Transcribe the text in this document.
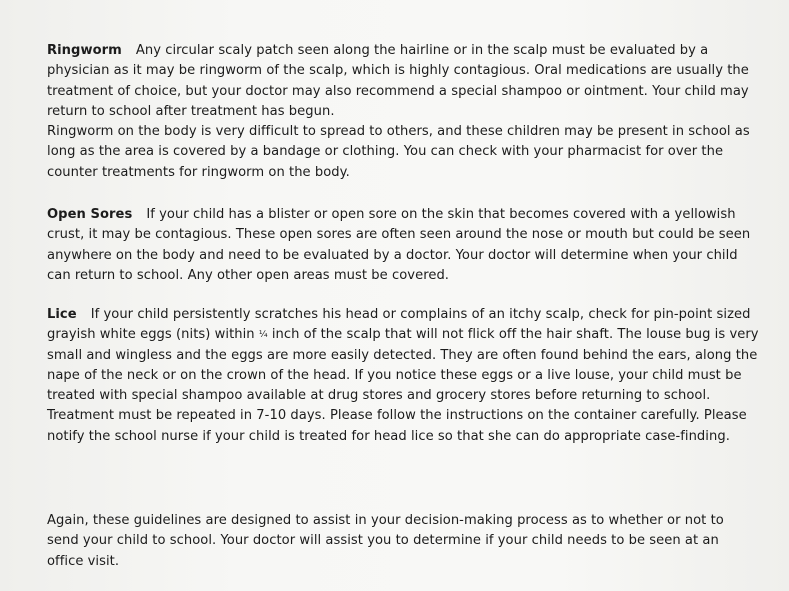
Ringworm Any circular scaly patch seen along the hairline or in the scalp must be evaluated by a physician as it may be ringworm of the scalp, which is highly contagious. Oral medications are usually the treatment of choice, but your doctor may also recommend a special shampoo or ointment. Your child may return to school after treatment has begun.
Ringworm on the body is very difficult to spread to others, and these children may be present in school as long as the area is covered by a bandage or clothing. You can check with your pharmacist for over the counter treatments for ringworm on the body.
Open Sores If your child has a blister or open sore on the skin that becomes covered with a yellowish crust, it may be contagious. These open sores are often seen around the nose or mouth but could be seen anywhere on the body and need to be evaluated by a doctor. Your doctor will determine when your child can return to school. Any other open areas must be covered.
Lice If your child persistently scratches his head or complains of an itchy scalp, check for pin-point sized grayish white eggs (nits) within ¼ inch of the scalp that will not flick off the hair shaft. The louse bug is very small and wingless and the eggs are more easily detected. They are often found behind the ears, along the nape of the neck or on the crown of the head. If you notice these eggs or a live louse, your child must be treated with special shampoo available at drug stores and grocery stores before returning to school. Treatment must be repeated in 7-10 days. Please follow the instructions on the container carefully. Please notify the school nurse if your child is treated for head lice so that she can do appropriate case-finding.
Again, these guidelines are designed to assist in your decision-making process as to whether or not to send your child to school. Your doctor will assist you to determine if your child needs to be seen at an office visit.
